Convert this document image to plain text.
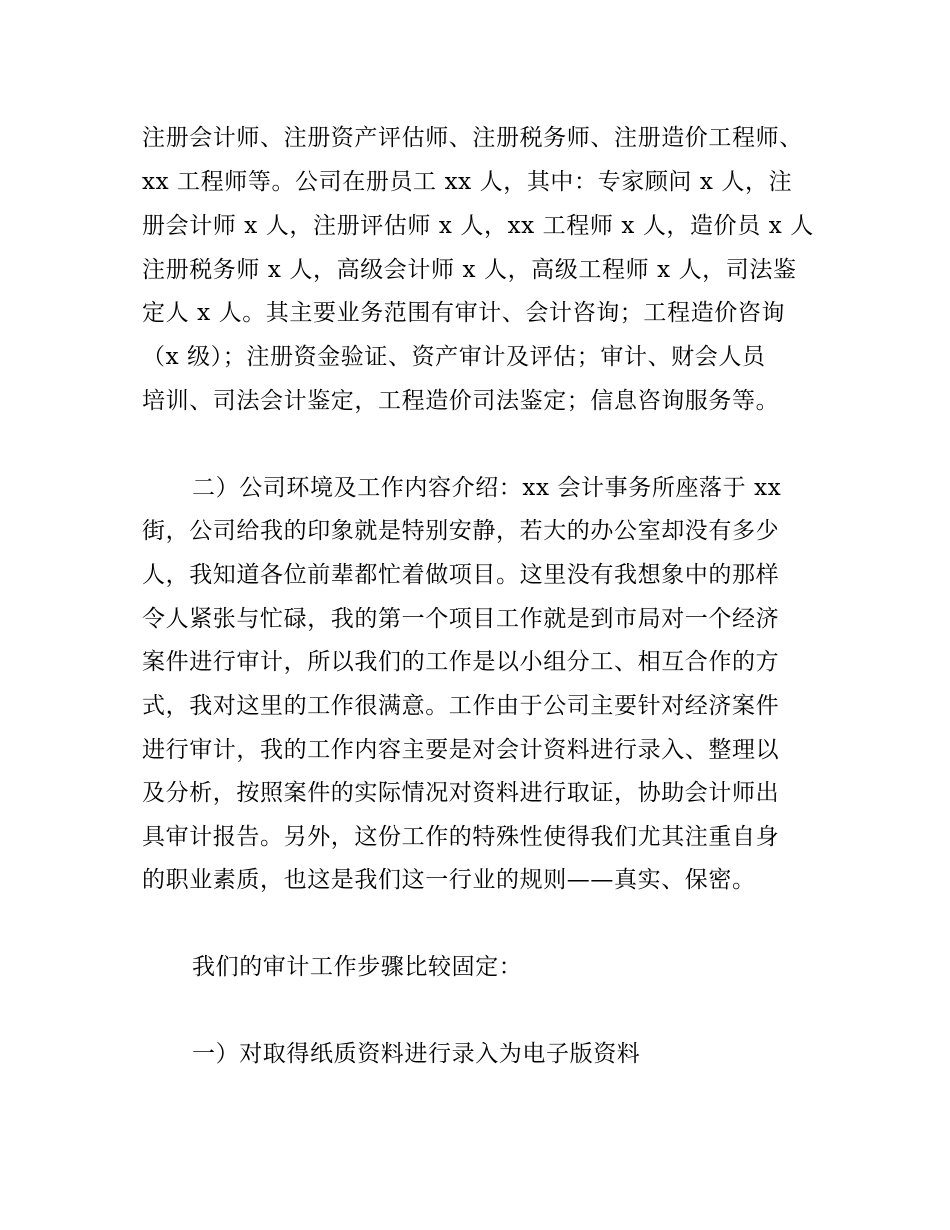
注册会计师、注册资产评估师、注册税务师、注册造价工程师、
xx 工程师等。公司在册员工 xx 人，其中：专家顾问 x 人，注
册会计师 x 人，注册评估师 x 人，xx 工程师 x 人，造价员 x 人
注册税务师 x 人，高级会计师 x 人，高级工程师 x 人，司法鉴
定人 x 人。其主要业务范围有审计、会计咨询；工程造价咨询
（x 级）；注册资金验证、资产审计及评估；审计、财会人员
培训、司法会计鉴定，工程造价司法鉴定；信息咨询服务等。
二）公司环境及工作内容介绍：xx 会计事务所座落于 xx
街，公司给我的印象就是特别安静，若大的办公室却没有多少
人，我知道各位前辈都忙着做项目。这里没有我想象中的那样
令人紧张与忙碌，我的第一个项目工作就是到市局对一个经济
案件进行审计，所以我们的工作是以小组分工、相互合作的方
式，我对这里的工作很满意。工作由于公司主要针对经济案件
进行审计，我的工作内容主要是对会计资料进行录入、整理以
及分析，按照案件的实际情况对资料进行取证，协助会计师出
具审计报告。另外，这份工作的特殊性使得我们尤其注重自身
的职业素质，也这是我们这一行业的规则——真实、保密。
我们的审计工作步骤比较固定：
一）对取得纸质资料进行录入为电子版资料
